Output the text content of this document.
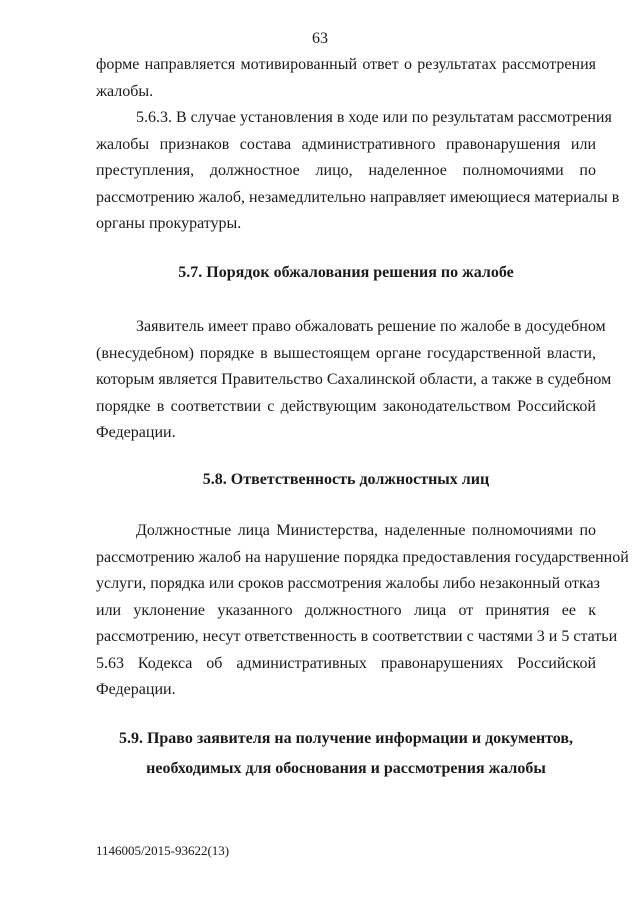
63
форме направляется мотивированный ответ о результатах рассмотрения
жалобы.
5.6.3. В случае установления в ходе или по результатам рассмотрения
жалобы признаков состава административного правонарушения или
преступления, должностное лицо, наделенное полномочиями по
рассмотрению жалоб, незамедлительно направляет имеющиеся материалы в
органы прокуратуры.
5.7. Порядок обжалования решения по жалобе
Заявитель имеет право обжаловать решение по жалобе в досудебном
(внесудебном) порядке в вышестоящем органе государственной власти,
которым является Правительство Сахалинской области, а также в судебном
порядке в соответствии с действующим законодательством Российской
Федерации.
5.8. Ответственность должностных лиц
Должностные лица Министерства, наделенные полномочиями по
рассмотрению жалоб на нарушение порядка предоставления государственной
услуги, порядка или сроков рассмотрения жалобы либо незаконный отказ
или уклонение указанного должностного лица от принятия ее к
рассмотрению, несут ответственность в соответствии с частями 3 и 5 статьи
5.63 Кодекса об административных правонарушениях Российской
Федерации.
5.9. Право заявителя на получение информации и документов,
необходимых для обоснования и рассмотрения жалобы
1146005/2015-93622(13)
